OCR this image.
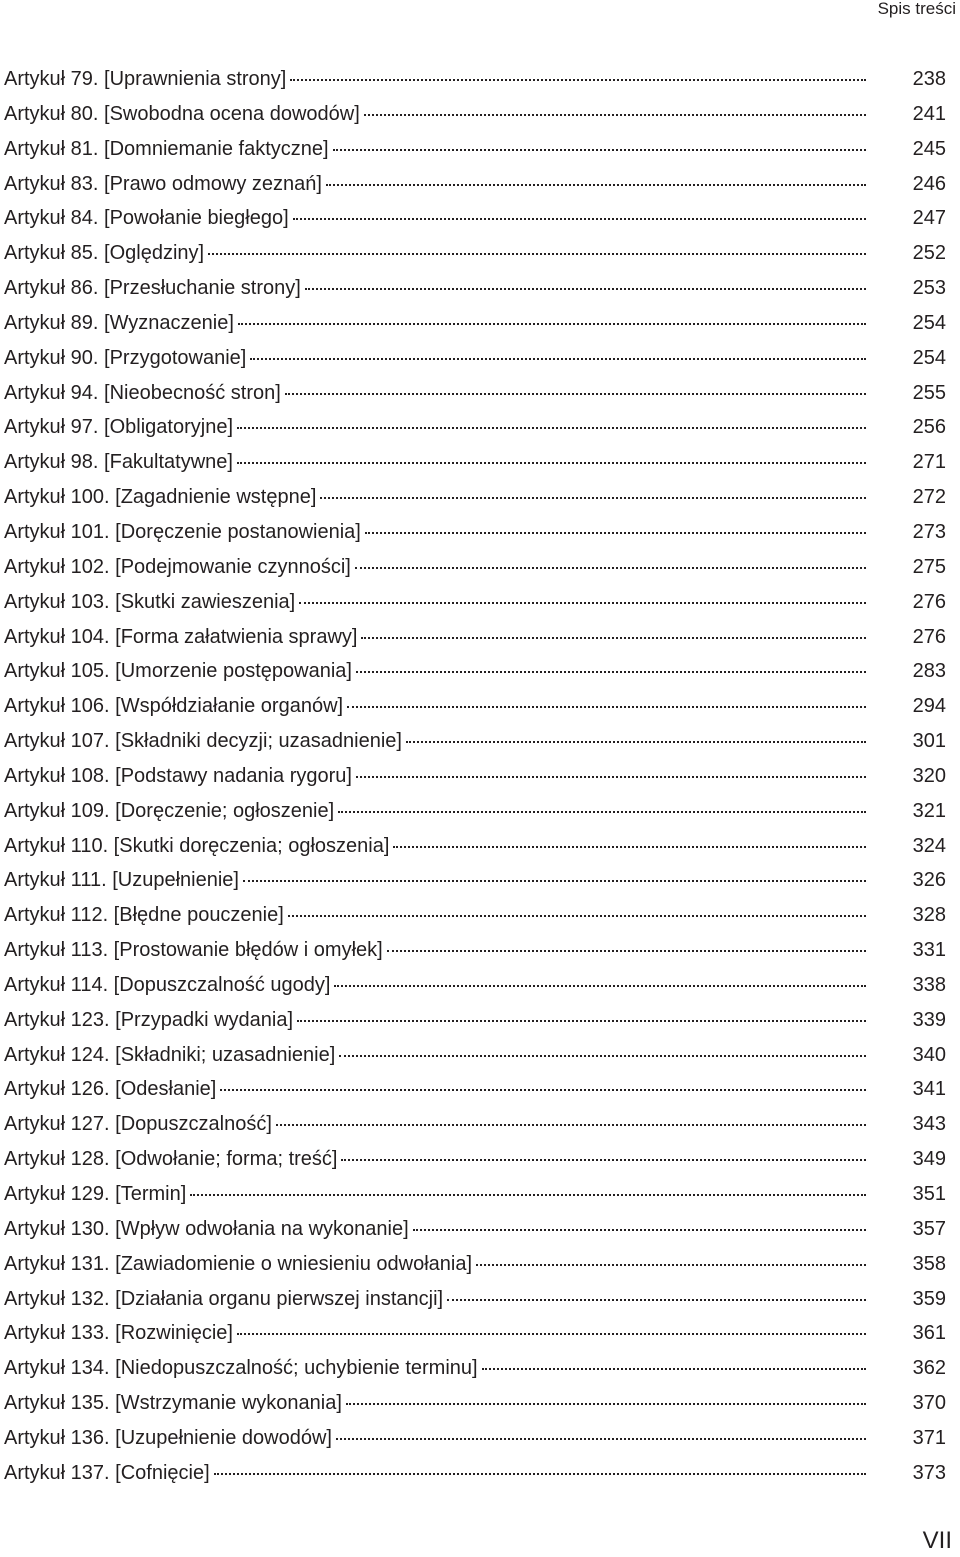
Spis treści
Artykuł 79. [Uprawnienia strony]	238
Artykuł 80. [Swobodna ocena dowodów]	241
Artykuł 81. [Domniemanie faktyczne]	245
Artykuł 83. [Prawo odmowy zeznań]	246
Artykuł 84. [Powołanie biegłego]	247
Artykuł 85. [Oględziny]	252
Artykuł 86. [Przesłuchanie strony]	253
Artykuł 89. [Wyznaczenie]	254
Artykuł 90. [Przygotowanie]	254
Artykuł 94. [Nieobecność stron]	255
Artykuł 97. [Obligatoryjne]	256
Artykuł 98. [Fakultatywne]	271
Artykuł 100. [Zagadnienie wstępne]	272
Artykuł 101. [Doręczenie postanowienia]	273
Artykuł 102. [Podejmowanie czynności]	275
Artykuł 103. [Skutki zawieszenia]	276
Artykuł 104. [Forma załatwienia sprawy]	276
Artykuł 105. [Umorzenie postępowania]	283
Artykuł 106. [Współdziałanie organów]	294
Artykuł 107. [Składniki decyzji; uzasadnienie]	301
Artykuł 108. [Podstawy nadania rygoru]	320
Artykuł 109. [Doręczenie; ogłoszenie]	321
Artykuł 110. [Skutki doręczenia; ogłoszenia]	324
Artykuł 111. [Uzupełnienie]	326
Artykuł 112. [Błędne pouczenie]	328
Artykuł 113. [Prostowanie błędów i omyłek]	331
Artykuł 114. [Dopuszczalność ugody]	338
Artykuł 123. [Przypadki wydania]	339
Artykuł 124. [Składniki; uzasadnienie]	340
Artykuł 126. [Odesłanie]	341
Artykuł 127. [Dopuszczalność]	343
Artykuł 128. [Odwołanie; forma; treść]	349
Artykuł 129. [Termin]	351
Artykuł 130. [Wpływ odwołania na wykonanie]	357
Artykuł 131. [Zawiadomienie o wniesieniu odwołania]	358
Artykuł 132. [Działania organu pierwszej instancji]	359
Artykuł 133. [Rozwinięcie]	361
Artykuł 134. [Niedopuszczalność; uchybienie terminu]	362
Artykuł 135. [Wstrzymanie wykonania]	370
Artykuł 136. [Uzupełnienie dowodów]	371
Artykuł 137. [Cofnięcie]	373
VII
